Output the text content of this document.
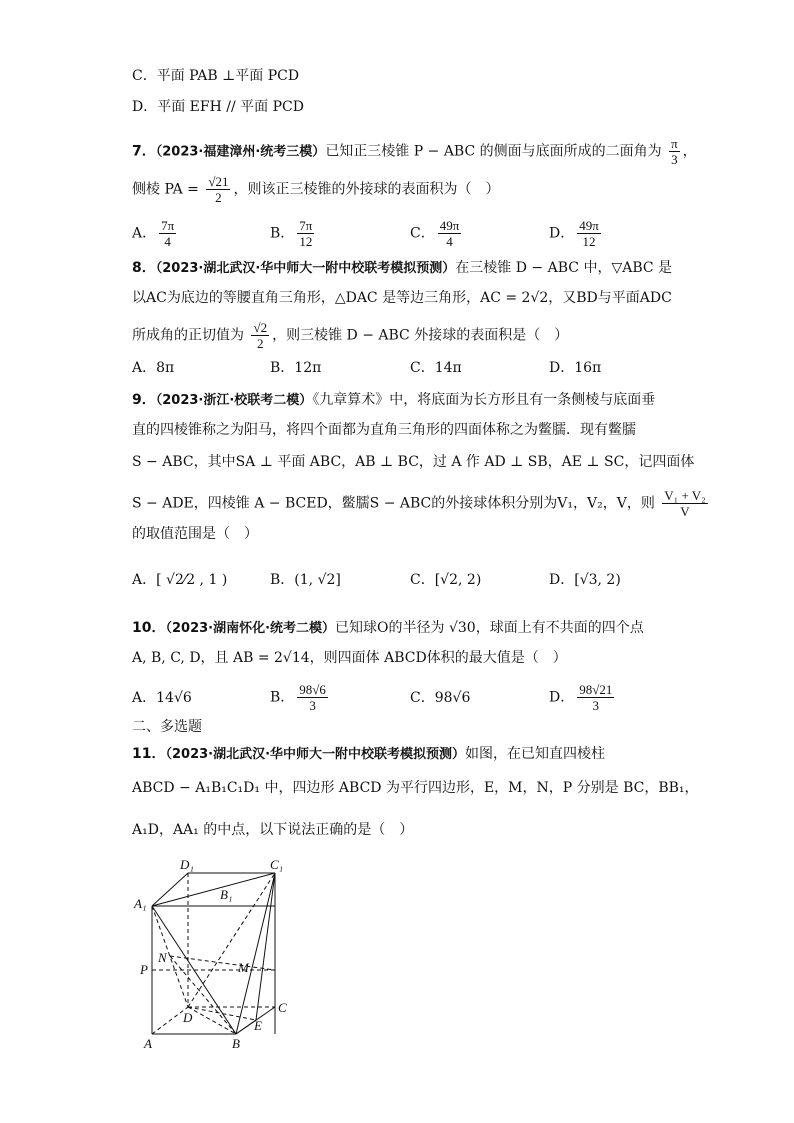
C．平面 PAB ⊥平面 PCD
D．平面 EFH // 平面 PCD
7．（2023·福建漳州·统考三模）已知正三棱锥 P − ABC 的侧面与底面所成的二面角为 $\frac{\pi}{3}$ ，
侧棱 PA = $\frac{√21}{2}$ ，则该正三棱锥的外接球的表面积为（　）
A． $\frac{7\pi}{4}$	B． $\frac{7\pi}{12}$	C． $\frac{49\pi}{4}$	D． $\frac{49\pi}{12}$
8．（2023·湖北武汉·华中师大一附中校联考模拟预测）在三棱锥 D − ABC 中，▽ABC 是
以AC为底边的等腰直角三角形，△DAC 是等边三角形，AC = 2√2，又BD与平面ADC
所成角的正切值为 $\frac{√2}{2}$ ，则三棱锥 D − ABC 外接球的表面积是（　）
A．8π	B．12π	C．14π	D．16π
9．（2023·浙江·校联考二模）《九章算术》中，将底面为长方形且有一条侧棱与底面垂
直的四棱锥称之为阳马，将四个面都为直角三角形的四面体称之为鳖臑．现有鳖臑
S − ABC，其中SA ⊥ 平面 ABC，AB ⊥ BC，过 A 作 AD ⊥ SB，AE ⊥ SC，记四面体
S − ADE，四棱锥 A − BCED，鳖臑S − ABC的外接球体积分别为V₁，V₂，V，则 $\frac{\text{V₁ + V₂}}{V}$
的取值范围是（　）
A．[ √2⁄2 , 1 )	B．(1, √2]	C．[√2, 2)	D．[√3, 2)
10．（2023·湖南怀化·统考二模）已知球O的半径为 √30，球面上有不共面的四个点
A, B, C, D，且 AB = 2√14，则四面体 ABCD体积的最大值是（　）
A．14√6	B． $\frac{98√6}{3}$	C．98√6	D． $\frac{98√21}{3}$
二、多选题
11．（2023·湖北武汉·华中师大一附中校联考模拟预测）如图，在已知直四棱柱
ABCD − A₁B₁C₁D₁ 中，四边形 ABCD 为平行四边形，E，M，N，P 分别是 BC，BB₁，
A₁D，AA₁ 的中点，以下说法正确的是（　）
D₁	C₁
A₁
B₁
P
N
M
D
C
E
A	B
